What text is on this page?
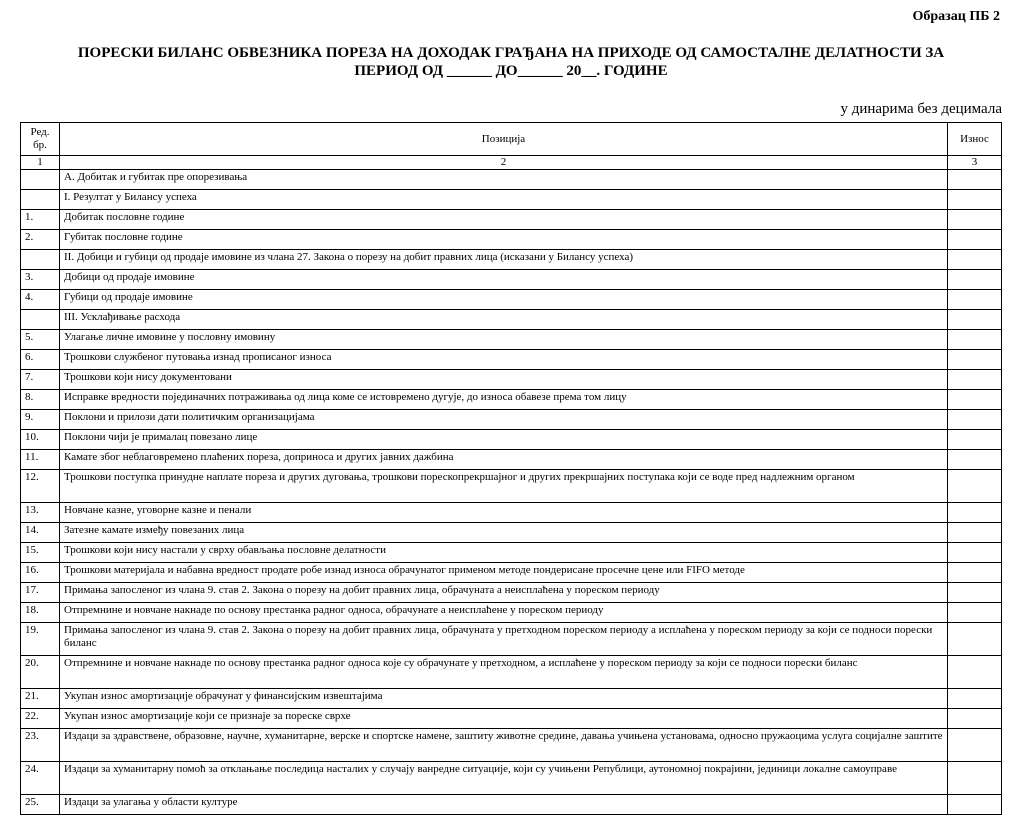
Образац ПБ 2
ПОРЕСКИ БИЛАНС ОБВЕЗНИКА ПОРЕЗА НА ДОХОДАК ГРАЂАНА НА ПРИХОДЕ ОД САМОСТАЛНЕ ДЕЛАТНОСТИ ЗА
ПЕРИОД ОД ______ ДО______ 20__. ГОДИНЕ
у динарима без децимала
Ред. бр.	Позиција	Износ
1	2	3
	А. Добитак и губитак пре опорезивања	
	I. Резултат у Билансу успеха	
1.	Добитак пословне године	
2.	Губитак пословне године	
	II. Добици и губици од продаје имовине из члана 27. Закона о порезу на добит правних лица (исказани у Билансу успеха)	
3.	Добици од продаје имовине	
4.	Губици од продаје имовине	
	III. Усклађивање расхода	
5.	Улагање личне имовине у пословну имовину	
6.	Трошкови службеног путовања изнад прописаног износа	
7.	Трошкови који нису документовани	
8.	Исправке вредности појединачних потраживања од лица коме се истовремено дугује, до износа обавезе према том лицу	
9.	Поклони и прилози дати политичким организацијама	
10.	Поклони чији је прималац повезано лице	
11.	Камате због неблаговремено плаћених пореза, доприноса и других јавних дажбина	
12.	Трошкови поступка принудне наплате пореза и других дуговања, трошкови порескопрекршајног и других прекршајних поступака који се воде пред надлежним органом	
13.	Новчане казне, уговорне казне и пенали	
14.	Затезне камате између повезаних лица	
15.	Трошкови који нису настали у сврху обављања пословне делатности	
16.	Трошкови материјала и набавна вредност продате робе изнад износа обрачунатог применом методе пондерисане просечне цене или FIFO методе	
17.	Примања запосленог из члана 9. став 2. Закона о порезу на добит правних лица, обрачуната а неисплаћена у пореском периоду	
18.	Отпремнине и новчане накнаде по основу престанка радног односа, обрачунате а неисплаћене у пореском периоду	
19.	Примања запосленог из члана 9. став 2. Закона о порезу на добит правних лица, обрачуната у претходном пореском периоду а исплаћена у пореском периоду за који се подноси порески биланс	
20.	Отпремнине и новчане накнаде по основу престанка радног односа које су обрачунате у претходном, а исплаћене у пореском периоду за који се подноси порески биланс	
21.	Укупан износ амортизације обрачунат у финансијским извештајима	
22.	Укупан износ амортизације који се признаје за пореске сврхе	
23.	Издаци за здравствене, образовне, научне, хуманитарне, верске и спортске намене, заштиту животне средине, давања учињена установама, односно пружаоцима услуга социјалне заштите	
24.	Издаци за хуманитарну помоћ за отклањање последица насталих у случају ванредне ситуације, који су учињени Републици, аутономној покрајини, јединици локалне самоуправе	
25.	Издаци за улагања у области културе	
